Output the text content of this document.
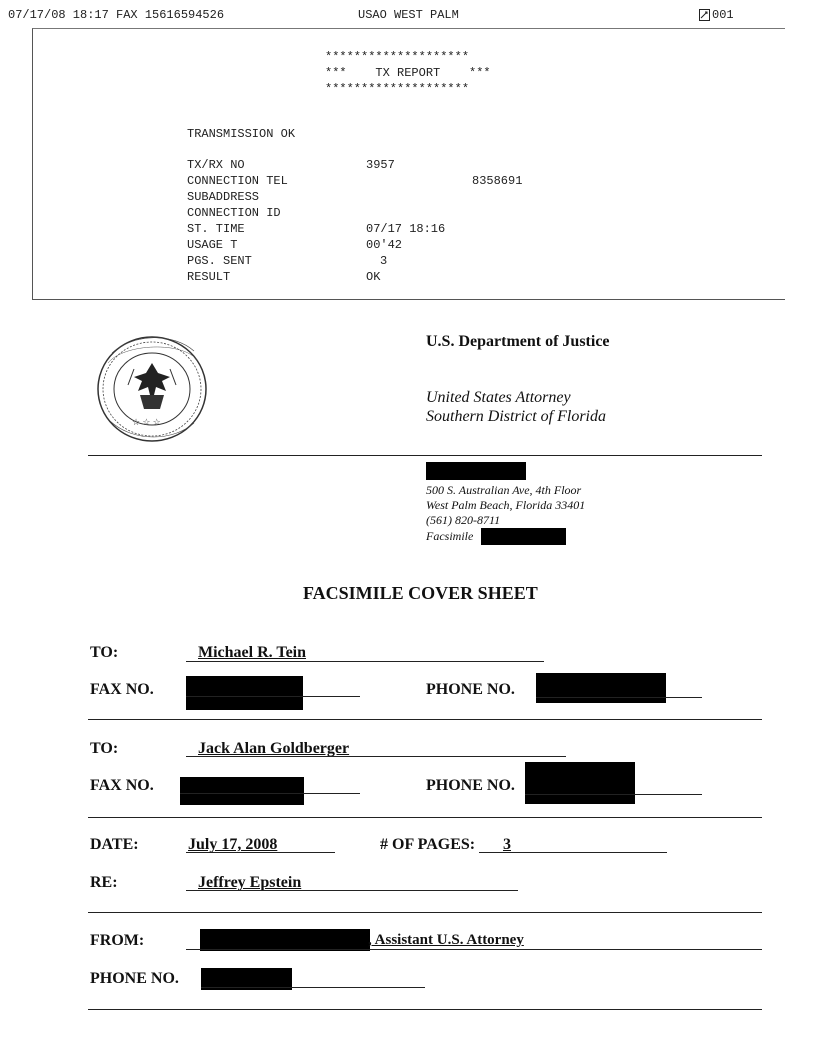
07/17/08 18:17 FAX 15616594526	USAO WEST PALM	001
********************
***    TX REPORT    ***
********************
TRANSMISSION OK
TX/RX NO	3957
CONNECTION TEL	8358691
SUBADDRESS
CONNECTION ID
ST. TIME	07/17 18:16
USAGE T	00'42
PGS. SENT	3
RESULT	OK
☆ ☆ ☆
U.S. Department of Justice
United States Attorney
Southern District of Florida
500 S. Australian Ave, 4th Floor
West Palm Beach, Florida 33401
(561) 820-8711
Facsimile
FACSIMILE COVER SHEET
TO:	Michael R. Tein
FAX NO.	PHONE NO.
TO:	Jack Alan Goldberger
FAX NO.	PHONE NO.
DATE:	July 17, 2008	# OF PAGES: 3
RE:	Jeffrey Epstein
FROM:	, Assistant U.S. Attorney
PHONE NO.
